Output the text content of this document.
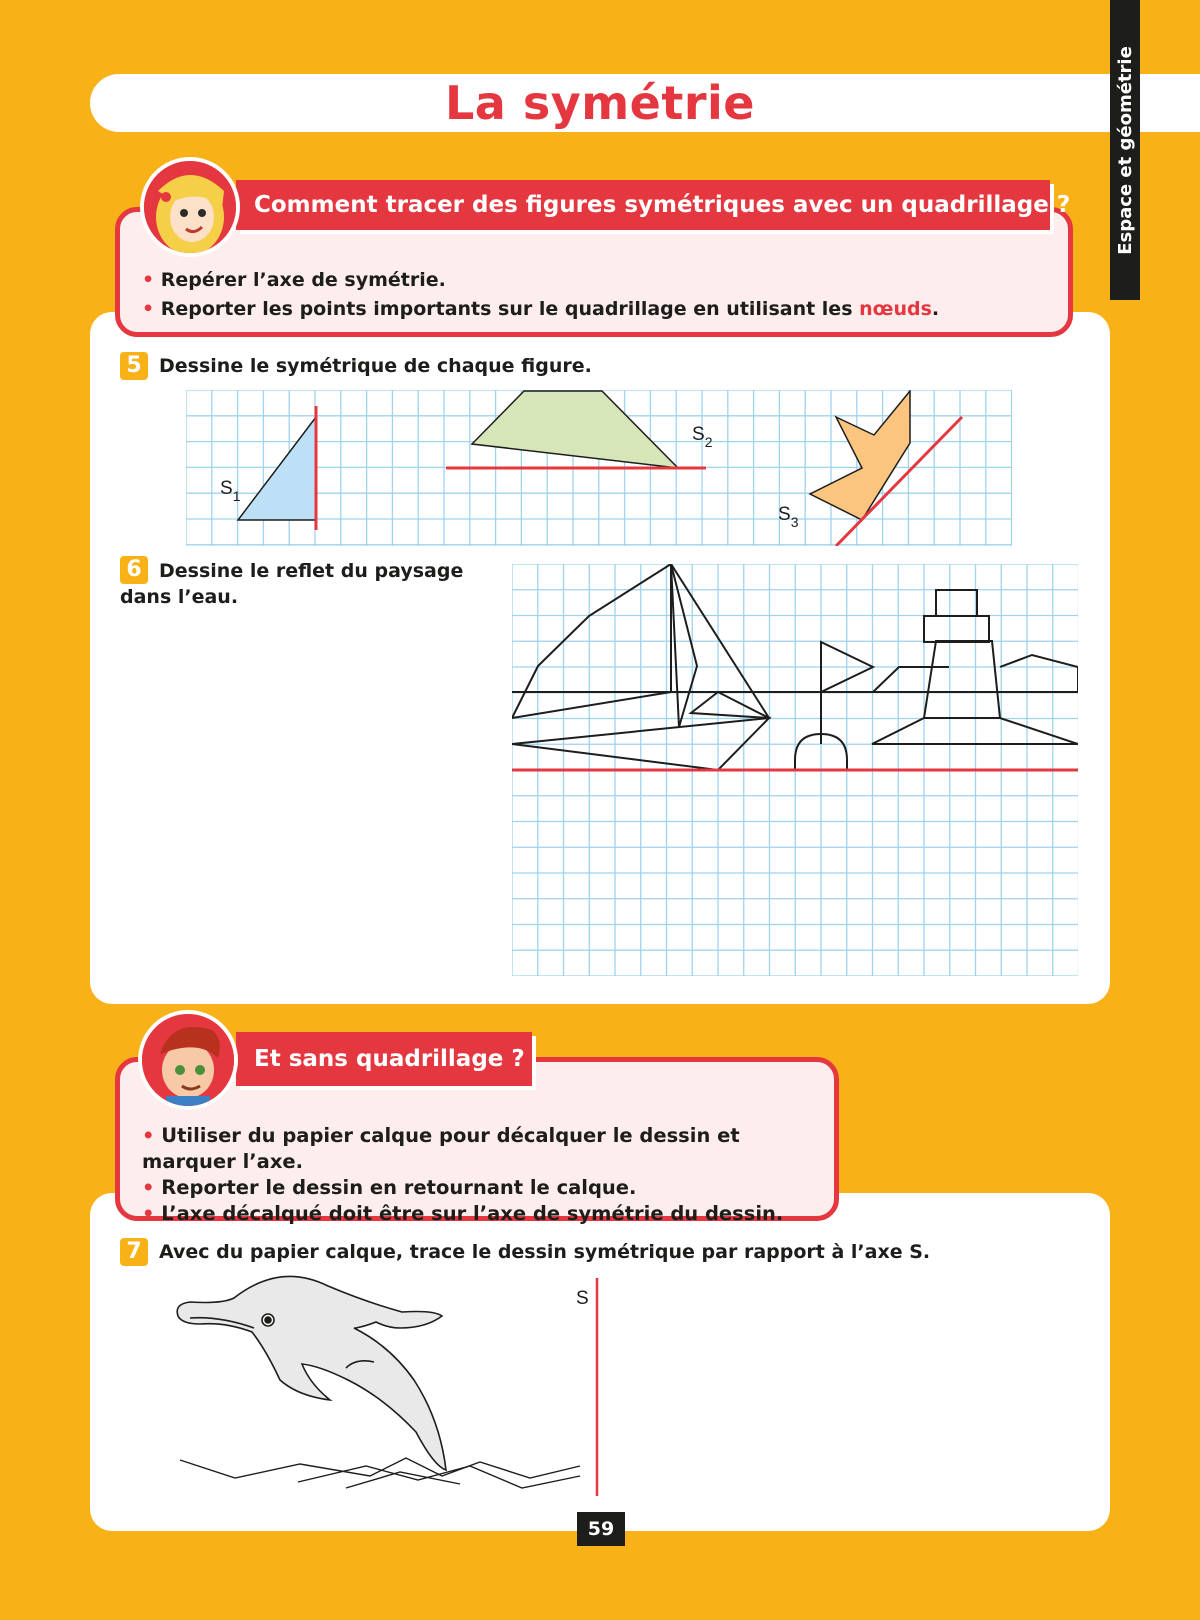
La symétrie	Espace et géométrie
Comment tracer des figures symétriques avec un quadrillage ?
• Repérer l’axe de symétrie.
• Reporter les points importants sur le quadrillage en utilisant les nœuds.
5 Dessine le symétrique de chaque figure.
$S_1$
$S_2$
$S_3$
6 Dessine le reflet du paysage
dans l’eau.
Et sans quadrillage ?
• Utiliser du papier calque pour décalquer le dessin et marquer l’axe.
• Reporter le dessin en retournant le calque.
• L’axe décalqué doit être sur l’axe de symétrie du dessin.
7 Avec du papier calque, trace le dessin symétrique par rapport à l’axe S.
S
59
